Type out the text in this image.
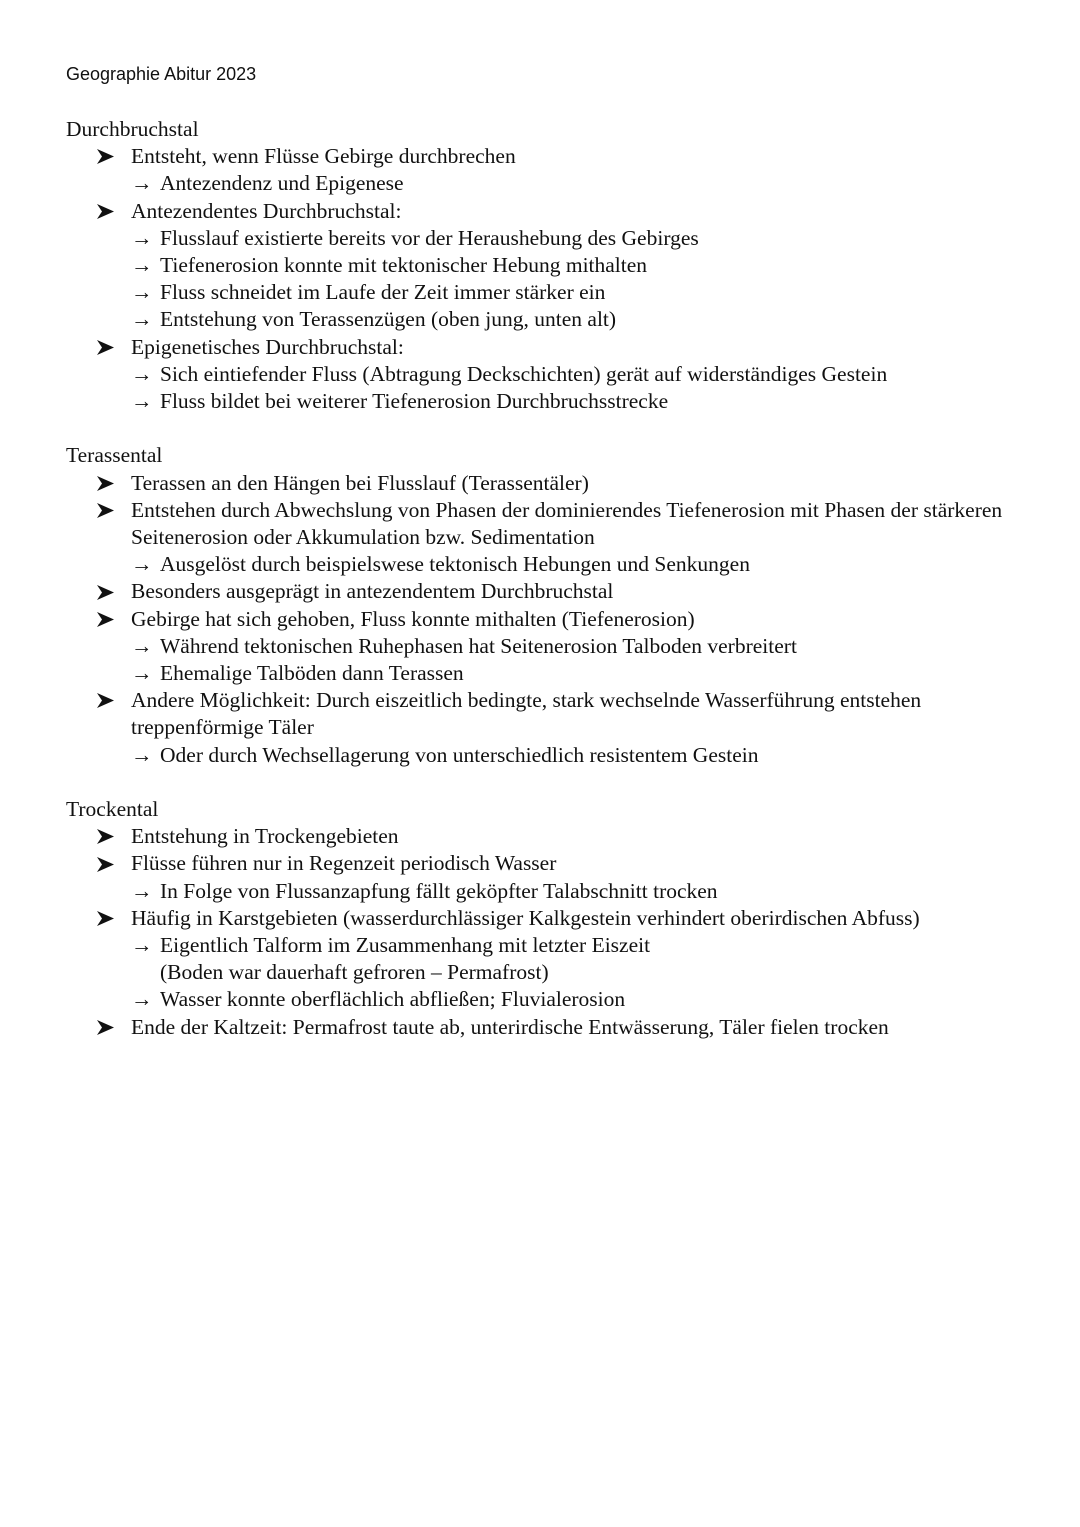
Geographie Abitur 2023
Durchbruchstal
Entsteht, wenn Flüsse Gebirge durchbrechen
→ Antezendenz und Epigenese
Antezendentes Durchbruchstal:
→ Flusslauf existierte bereits vor der Heraushebung des Gebirges
→ Tiefenerosion konnte mit tektonischer Hebung mithalten
→ Fluss schneidet im Laufe der Zeit immer stärker ein
→ Entstehung von Terassenzügen (oben jung, unten alt)
Epigenetisches Durchbruchstal:
→ Sich eintiefender Fluss (Abtragung Deckschichten) gerät auf widerständiges Gestein
→ Fluss bildet bei weiterer Tiefenerosion Durchbruchsstrecke
Terassental
Terassen an den Hängen bei Flusslauf (Terassentäler)
Entstehen durch Abwechslung von Phasen der dominierendes Tiefenerosion mit Phasen der stärkeren Seitenerosion oder Akkumulation bzw. Sedimentation
→ Ausgelöst durch beispielswese tektonisch Hebungen und Senkungen
Besonders ausgeprägt in antezendentem Durchbruchstal
Gebirge hat sich gehoben, Fluss konnte mithalten (Tiefenerosion)
→ Während tektonischen Ruhephasen hat Seitenerosion Talboden verbreitert
→ Ehemalige Talböden dann Terassen
Andere Möglichkeit: Durch eiszeitlich bedingte, stark wechselnde Wasserführung entstehen treppenförmige Täler
→ Oder durch Wechsellagerung von unterschiedlich resistentem Gestein
Trockental
Entstehung in Trockengebieten
Flüsse führen nur in Regenzeit periodisch Wasser
→ In Folge von Flussanzapfung fällt geköpfter Talabschnitt trocken
Häufig in Karstgebieten (wasserdurchlässiger Kalkgestein verhindert oberirdischen Abfuss)
→ Eigentlich Talform im Zusammenhang mit letzter Eiszeit
(Boden war dauerhaft gefroren – Permafrost)
→ Wasser konnte oberflächlich abfließen; Fluvialerosion
Ende der Kaltzeit: Permafrost taute ab, unterirdische Entwässerung, Täler fielen trocken
